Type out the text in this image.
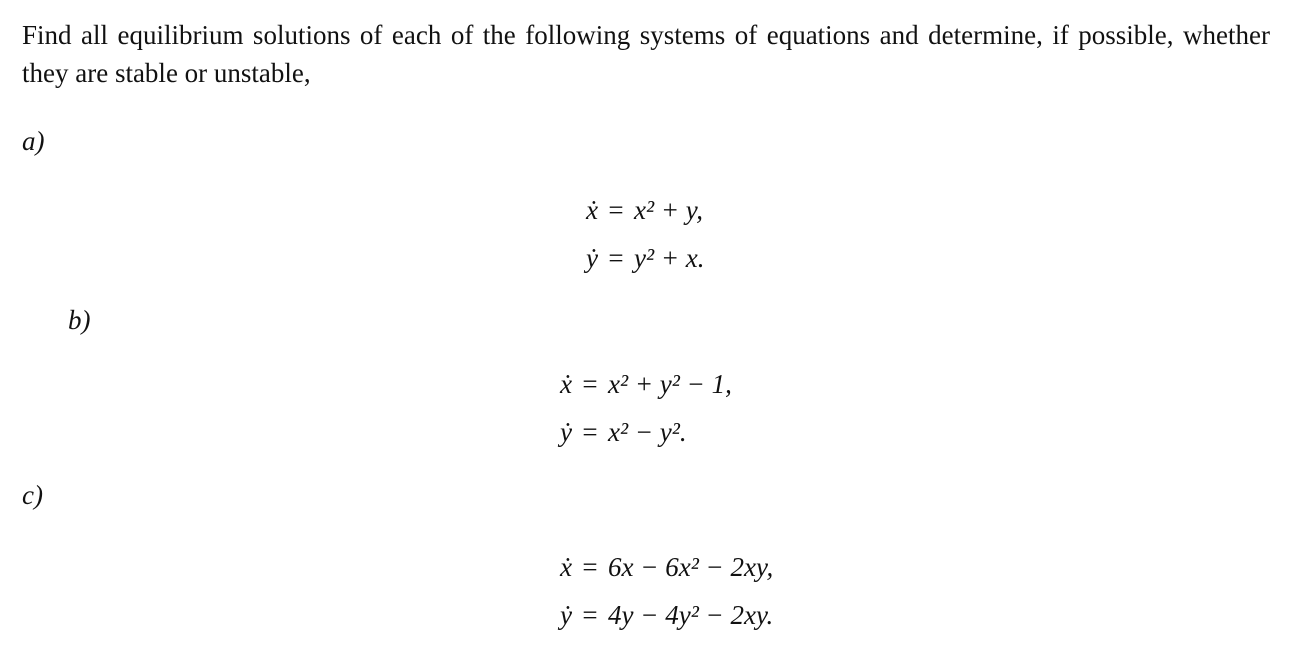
Find all equilibrium solutions of each of the following systems of equations and determine, if possible, whether they are stable or unstable,
a)
ẋ = x² + y,
ẏ = y² + x.
b)
ẋ = x² + y² − 1,
ẏ = x² − y².
c)
ẋ = 6x − 6x² − 2xy,
ẏ = 4y − 4y² − 2xy.
